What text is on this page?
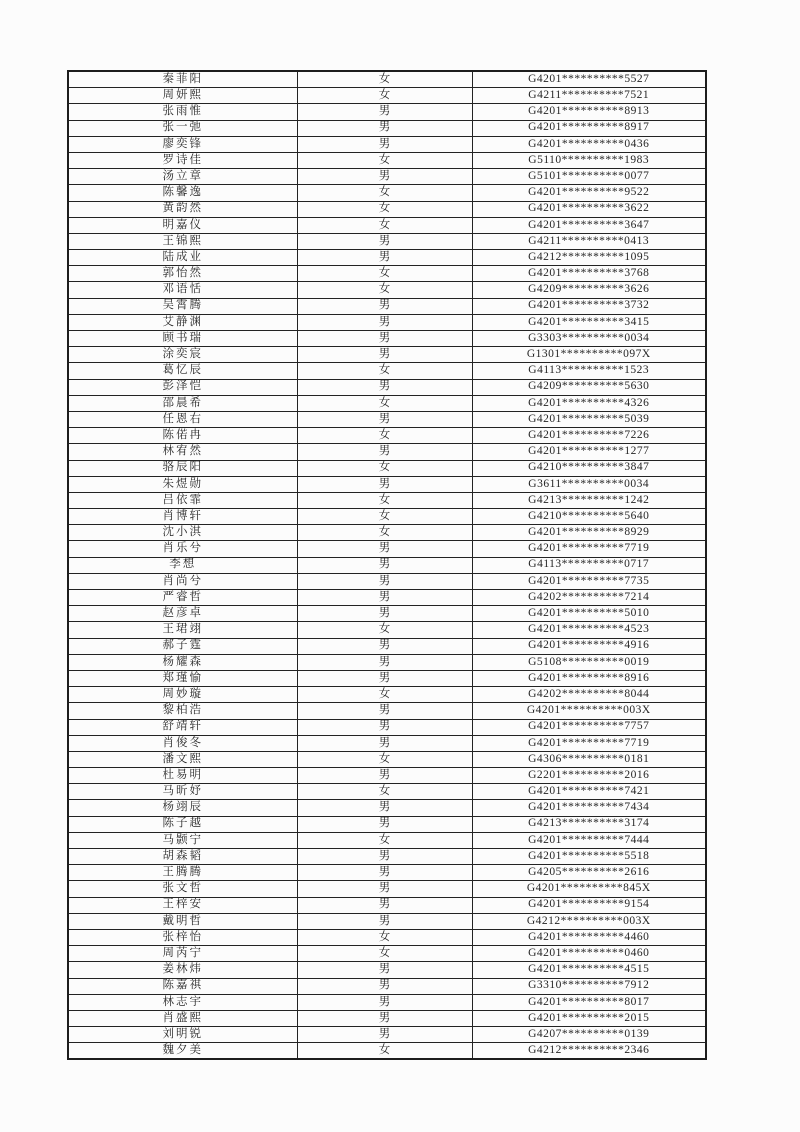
秦菲阳	女	G4201**********5527
周妍熙	女	G4211**********7521
张雨惟	男	G4201**********8913
张一弛	男	G4201**********8917
廖奕锋	男	G4201**********0436
罗诗佳	女	G5110**********1983
汤立章	男	G5101**********0077
陈馨逸	女	G4201**********9522
黄韵然	女	G4201**********3622
明嘉仪	女	G4201**********3647
王锦熙	男	G4211**********0413
陆成业	男	G4212**********1095
郭怡然	女	G4201**********3768
邓语恬	女	G4209**********3626
吴霄腾	男	G4201**********3732
艾静渊	男	G4201**********3415
顾书瑞	男	G3303**********0034
涂奕宸	男	G1301**********097X
葛忆辰	女	G4113**********1523
彭泽恺	男	G4209**********5630
邵晨希	女	G4201**********4326
任恩右	男	G4201**********5039
陈偌冉	女	G4201**********7226
林宥然	男	G4201**********1277
骆辰阳	女	G4210**********3847
朱煜勋	男	G3611**********0034
吕依霏	女	G4213**********1242
肖博轩	女	G4210**********5640
沈小淇	女	G4201**********8929
肖乐兮	男	G4201**********7719
李想	男	G4113**********0717
肖尚兮	男	G4201**********7735
严睿哲	男	G4202**********7214
赵彦卓	男	G4201**********5010
王珺翊	女	G4201**********4523
郝子霆	男	G4201**********4916
杨耀森	男	G5108**********0019
郑瑾愉	男	G4201**********8916
周妙璇	女	G4202**********8044
黎柏浩	男	G4201**********003X
舒靖轩	男	G4201**********7757
肖俊冬	男	G4201**********7719
潘文熙	女	G4306**********0181
杜易明	男	G2201**********2016
马昕妤	女	G4201**********7421
杨翊辰	男	G4201**********7434
陈子越	男	G4213**********3174
马颢宁	女	G4201**********7444
胡森韬	男	G4201**********5518
王腾腾	男	G4205**********2616
张文哲	男	G4201**********845X
王梓安	男	G4201**********9154
戴明哲	男	G4212**********003X
张梓怡	女	G4201**********4460
周芮宁	女	G4201**********0460
姜林炜	男	G4201**********4515
陈嘉祺	男	G3310**********7912
林志宇	男	G4201**********8017
肖盛熙	男	G4201**********2015
刘明锐	男	G4207**********0139
魏夕美	女	G4212**********2346
